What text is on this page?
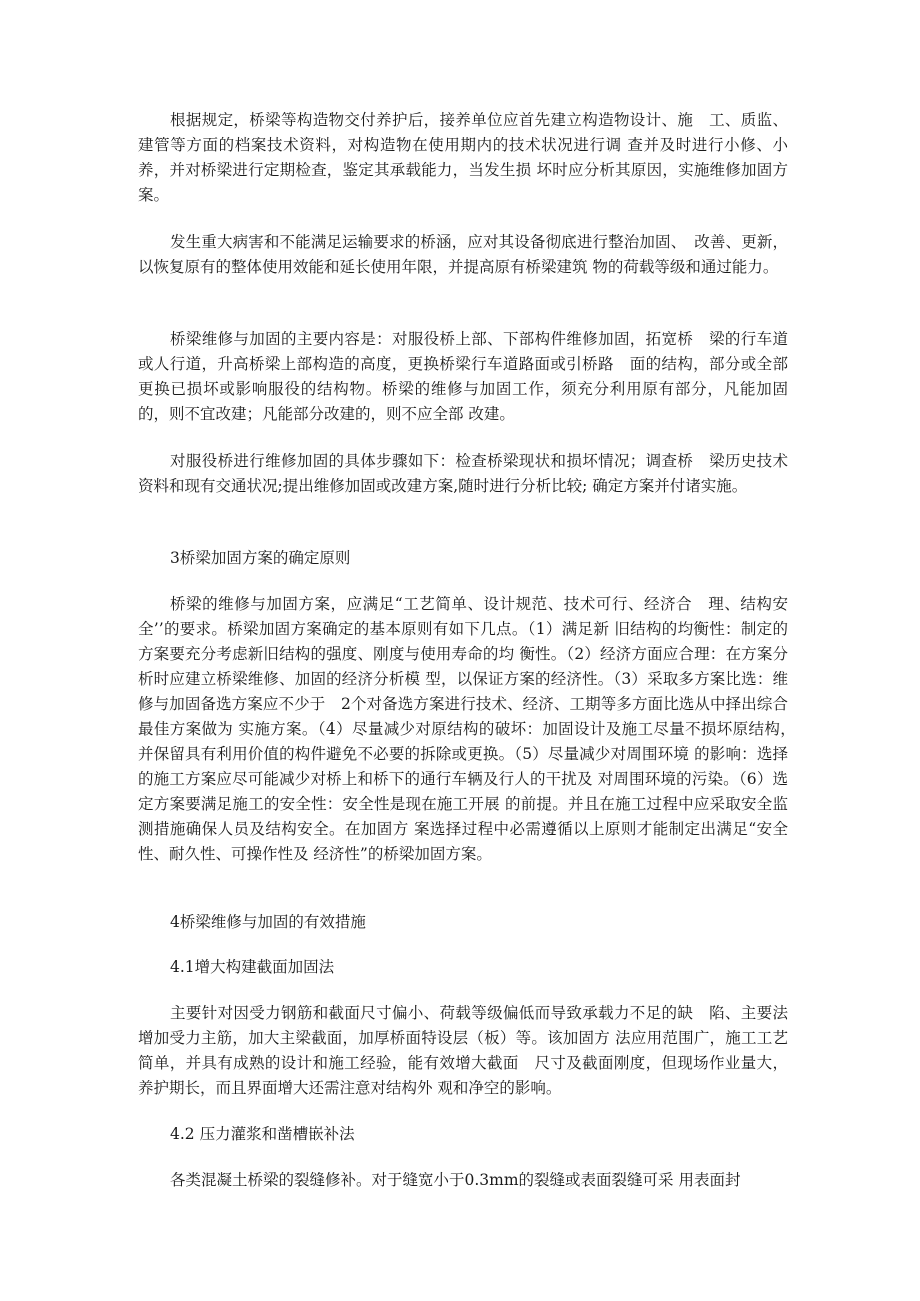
根据规定，桥梁等构造物交付养护后，接养单位应首先建立构造物设计、施　工、质监、建管等方面的档案技术资料，对构造物在使用期内的技术状况进行调 查并及时进行小修、小养，并对桥梁进行定期检查，鉴定其承载能力，当发生损 坏时应分析其原因，实施维修加固方案。

发生重大病害和不能满足运输要求的桥涵，应对其设备彻底进行整治加固、　改善、更新，以恢复原有的整体使用效能和延长使用年限，并提高原有桥梁建筑 物的荷载等级和通过能力。

桥梁维修与加固的主要内容是：对服役桥上部、下部构件维修加固，拓宽桥　梁的行车道或人行道，升高桥梁上部构造的高度，更换桥梁行车道路面或引桥路　面的结构，部分或全部更换已损坏或影响服役的结构物。桥梁的维修与加固工作，须充分利用原有部分，凡能加固的，则不宜改建；凡能部分改建的，则不应全部 改建。

对服役桥进行维修加固的具体步骤如下：检查桥梁现状和损坏情况；调查桥　梁历史技术资料和现有交通状况;提出维修加固或改建方案,随时进行分析比较; 确定方案并付诸实施。

3桥梁加固方案的确定原则

桥梁的维修与加固方案，应满足“工艺简单、设计规范、技术可行、经济合　理、结构安全’’的要求。桥梁加固方案确定的基本原则有如下几点。（1）满足新 旧结构的均衡性：制定的方案要充分考虑新旧结构的强度、刚度与使用寿命的均 衡性。（2）经济方面应合理：在方案分析时应建立桥梁维修、加固的经济分析模 型，以保证方案的经济性。（3）采取多方案比选：维修与加固备选方案应不少于　2个对备选方案进行技术、经济、工期等多方面比选从中择出综合最佳方案做为 实施方案。（4）尽量减少对原结构的破坏：加固设计及施工尽量不损坏原结构，　并保留具有利用价值的构件避免不必要的拆除或更换。（5）尽量减少对周围环境 的影响：选择的施工方案应尽可能减少对桥上和桥下的通行车辆及行人的干扰及 对周围环境的污染。（6）选定方案要满足施工的安全性：安全性是现在施工开展 的前提。并且在施工过程中应采取安全监测措施确保人员及结构安全。在加固方 案选择过程中必需遵循以上原则才能制定出满足“安全性、耐久性、可操作性及 经济性”的桥梁加固方案。

4桥梁维修与加固的有效措施

4.1增大构建截面加固法

主要针对因受力钢筋和截面尺寸偏小、荷载等级偏低而导致承载力不足的缺　陷、主要法增加受力主筋，加大主梁截面，加厚桥面特设层（板）等。该加固方 法应用范围广，施工工艺简单，并具有成熟的设计和施工经验，能有效增大截面　尺寸及截面刚度，但现场作业量大，养护期长，而且界面增大还需注意对结构外 观和净空的影响。

4.2 压力灌浆和凿槽嵌补法

各类混凝土桥梁的裂缝修补。对于缝宽小于0.3mm的裂缝或表面裂缝可采 用表面封
